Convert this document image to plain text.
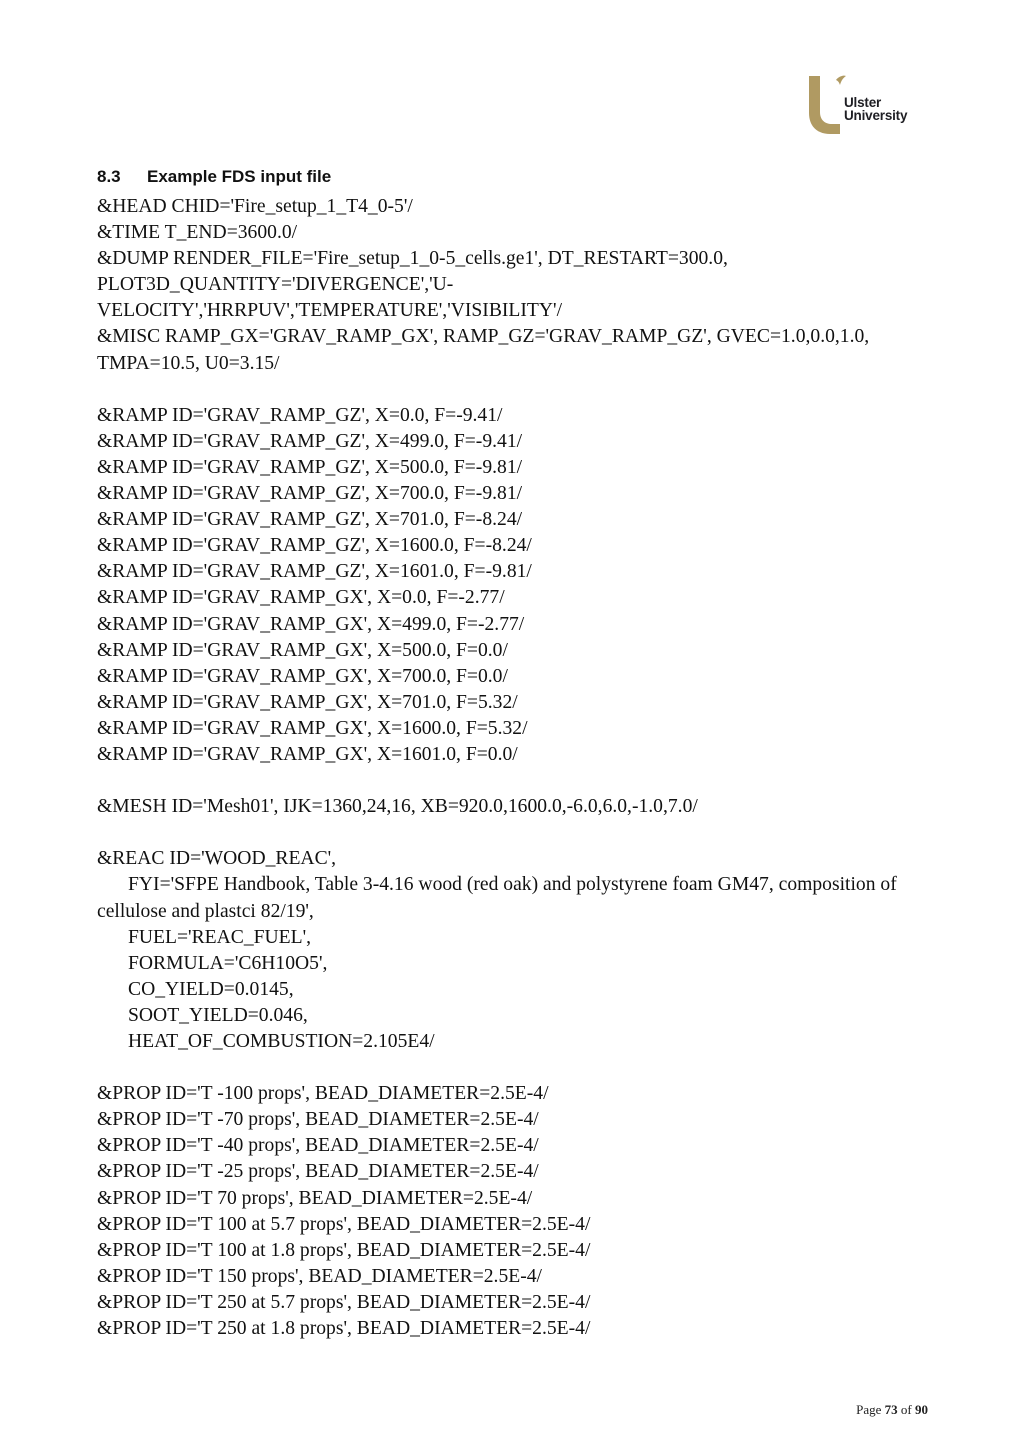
Ulster
University
8.3 Example FDS input file
&HEAD CHID='Fire_setup_1_T4_0-5'/
&TIME T_END=3600.0/
&DUMP RENDER_FILE='Fire_setup_1_0-5_cells.ge1', DT_RESTART=300.0,
PLOT3D_QUANTITY='DIVERGENCE','U-
VELOCITY','HRRPUV','TEMPERATURE','VISIBILITY'/
&MISC RAMP_GX='GRAV_RAMP_GX', RAMP_GZ='GRAV_RAMP_GZ', GVEC=1.0,0.0,1.0,
TMPA=10.5, U0=3.15/
&RAMP ID='GRAV_RAMP_GZ', X=0.0, F=-9.41/
&RAMP ID='GRAV_RAMP_GZ', X=499.0, F=-9.41/
&RAMP ID='GRAV_RAMP_GZ', X=500.0, F=-9.81/
&RAMP ID='GRAV_RAMP_GZ', X=700.0, F=-9.81/
&RAMP ID='GRAV_RAMP_GZ', X=701.0, F=-8.24/
&RAMP ID='GRAV_RAMP_GZ', X=1600.0, F=-8.24/
&RAMP ID='GRAV_RAMP_GZ', X=1601.0, F=-9.81/
&RAMP ID='GRAV_RAMP_GX', X=0.0, F=-2.77/
&RAMP ID='GRAV_RAMP_GX', X=499.0, F=-2.77/
&RAMP ID='GRAV_RAMP_GX', X=500.0, F=0.0/
&RAMP ID='GRAV_RAMP_GX', X=700.0, F=0.0/
&RAMP ID='GRAV_RAMP_GX', X=701.0, F=5.32/
&RAMP ID='GRAV_RAMP_GX', X=1600.0, F=5.32/
&RAMP ID='GRAV_RAMP_GX', X=1601.0, F=0.0/
&MESH ID='Mesh01', IJK=1360,24,16, XB=920.0,1600.0,-6.0,6.0,-1.0,7.0/
&REAC ID='WOOD_REAC',
FYI='SFPE Handbook, Table 3-4.16 wood (red oak) and polystyrene foam GM47, composition of cellulose and plastci 82/19',
FUEL='REAC_FUEL',
FORMULA='C6H10O5',
CO_YIELD=0.0145,
SOOT_YIELD=0.046,
HEAT_OF_COMBUSTION=2.105E4/
&PROP ID='T -100 props', BEAD_DIAMETER=2.5E-4/
&PROP ID='T -70 props', BEAD_DIAMETER=2.5E-4/
&PROP ID='T -40 props', BEAD_DIAMETER=2.5E-4/
&PROP ID='T -25 props', BEAD_DIAMETER=2.5E-4/
&PROP ID='T 70 props', BEAD_DIAMETER=2.5E-4/
&PROP ID='T 100 at 5.7 props', BEAD_DIAMETER=2.5E-4/
&PROP ID='T 100 at 1.8 props', BEAD_DIAMETER=2.5E-4/
&PROP ID='T 150 props', BEAD_DIAMETER=2.5E-4/
&PROP ID='T 250 at 5.7 props', BEAD_DIAMETER=2.5E-4/
&PROP ID='T 250 at 1.8 props', BEAD_DIAMETER=2.5E-4/
Page 73 of 90
